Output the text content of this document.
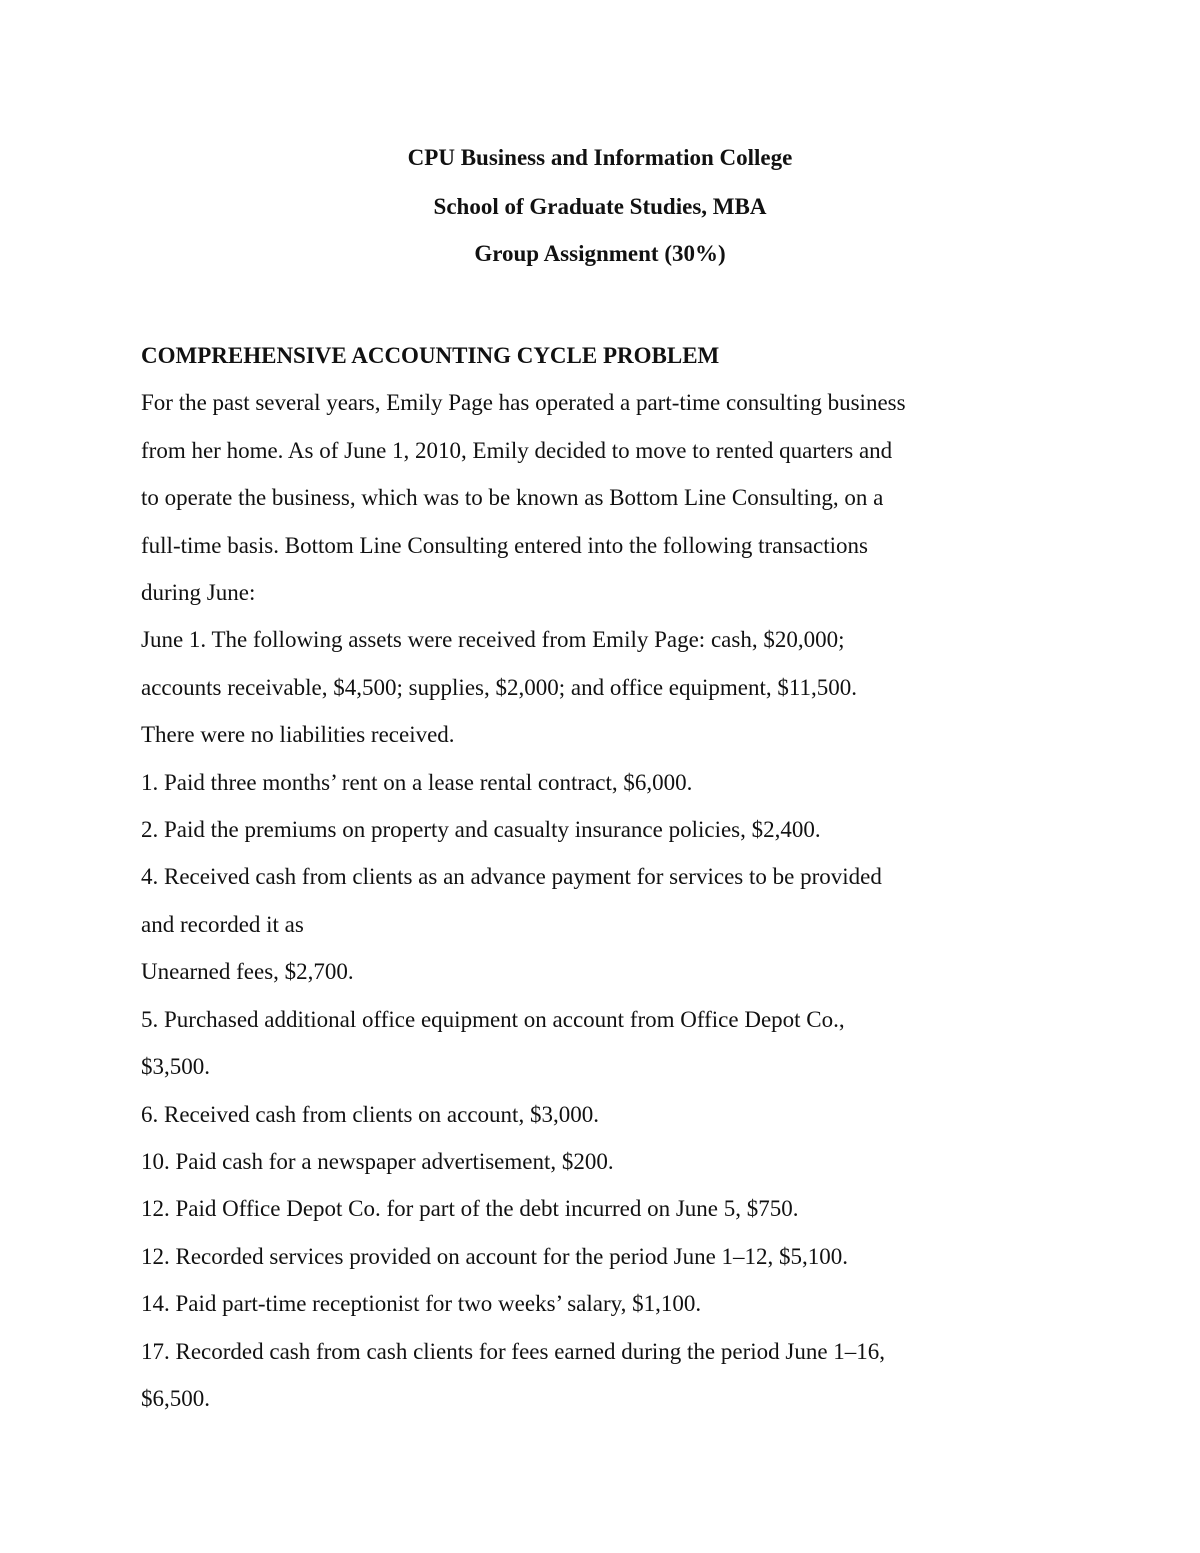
CPU Business and Information College
School of Graduate Studies, MBA
Group Assignment (30%)

COMPREHENSIVE ACCOUNTING CYCLE PROBLEM

For the past several years, Emily Page has operated a part-time consulting business

from her home. As of June 1, 2010, Emily decided to move to rented quarters and

to operate the business, which was to be known as Bottom Line Consulting, on a

full-time basis. Bottom Line Consulting entered into the following transactions

during June:

June 1. The following assets were received from Emily Page: cash, $20,000;

accounts receivable, $4,500; supplies, $2,000; and office equipment, $11,500.

There were no liabilities received.

1. Paid three months’ rent on a lease rental contract, $6,000.

2. Paid the premiums on property and casualty insurance policies, $2,400.

4. Received cash from clients as an advance payment for services to be provided

and recorded it as

Unearned fees, $2,700.

5. Purchased additional office equipment on account from Office Depot Co.,

$3,500.

6. Received cash from clients on account, $3,000.

10. Paid cash for a newspaper advertisement, $200.

12. Paid Office Depot Co. for part of the debt incurred on June 5, $750.

12. Recorded services provided on account for the period June 1–12, $5,100.

14. Paid part-time receptionist for two weeks’ salary, $1,100.

17. Recorded cash from cash clients for fees earned during the period June 1–16,

$6,500.
